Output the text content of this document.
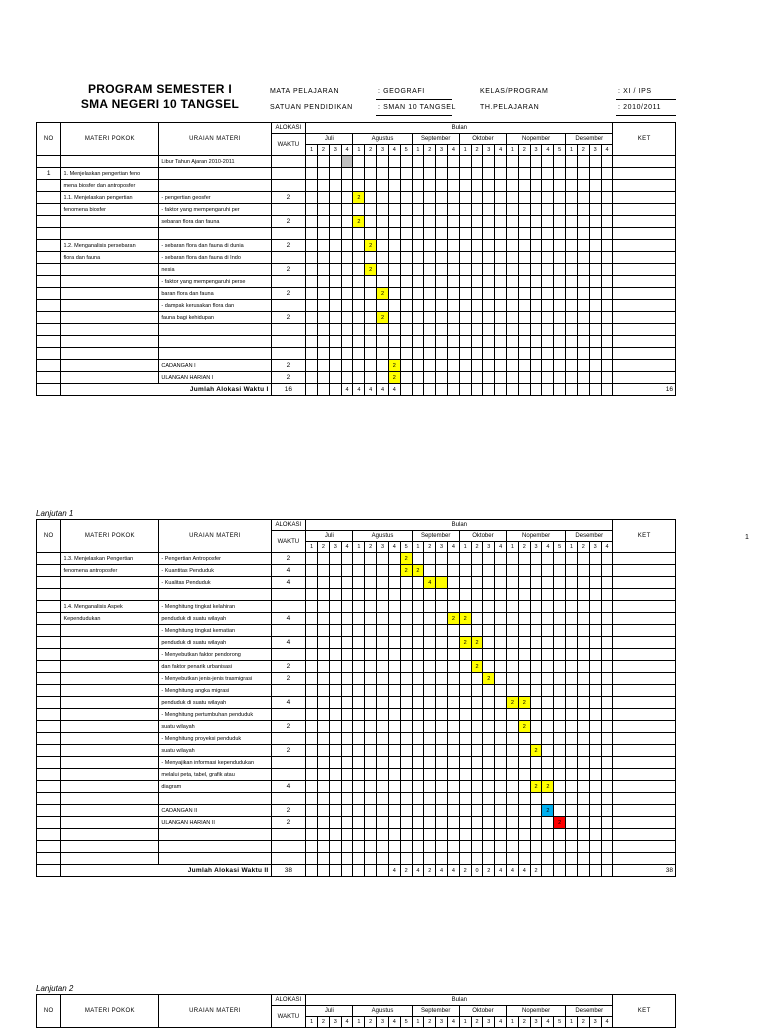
PROGRAM SEMESTER I
SMA NEGERI 10 TANGSEL
MATA PELAJARAN	: GEOGRAFI	KELAS/PROGRAM	: XI / IPS
SATUAN PENDIDIKAN	: SMAN 10 TANGSEL	TH.PELAJARAN	: 2010/2011
NO	MATERI POKOK	URAIAN MATERI	ALOKASI	Bulan																										KET
			WAKTU	Juli				Agustus					September				Oktober				Nopember					Desember				
				1	2	3	4	1	2	3	4	5	1	2	3	4	1	2	3	4	1	2	3	4	5	1	2	3	4	
		Libur Tahun Ajaran 2010-2011																												
1	1. Menjelaskan pengertian feno																													
	mena biosfer dan antroposfer																													
	1.1. Menjelaskan pengertian	- pengertian geosfer	2					2																						
	fenomena biosfer	- faktor yang mempengaruhi per																												
		sebaran flora dan fauna	2					2																						

	1.2. Menganalisis persebaran	- sebaran flora dan fauna di dunia	2						2																					
	flora dan fauna	- sebaran flora dan fauna di Indo																												
		nesia	2						2																					
		- faktor yang mempengaruhi perse																												
		baran flora dan fauna	2							2																				
		- dampak kerusakan flora dan																												
		fauna bagi kehidupan	2							2																				

		CADANGAN I	2								2																			
		ULANGAN HARIAN I	2								2																			
	Jumlah Alokasi Waktu I		16				4	4	4	4	4																			16
Lanjutan 1
1
NO	MATERI POKOK	URAIAN MATERI	ALOKASI	Bulan																										KET
			WAKTU	Juli				Agustus					September				Oktober				Nopember					Desember				
				1	2	3	4	1	2	3	4	5	1	2	3	4	1	2	3	4	1	2	3	4	5	1	2	3	4	
	1.3. Menjelaskan Pengertian	- Pengertian Antroposfer	2									2																		
	fenomena antroposfer	- Kuantitas Penduduk	4									2	2																	
		- Kualitas Penduduk	4											4																

	1.4. Menganalisis Aspek	- Menghitung tingkat kelahiran																												
	Kependudukan	penduduk di suatu wilayah	4													2	2													
		- Menghitung tingkat kematian																												
		penduduk di suatu wilayah	4														2	2												
		- Menyebutkan faktor pendorong																												
		dan faktor penarik urbanisasi	2															2												
		- Menyebutkan jenis-jenis trasmigrasi	2																2											
		- Menghitung angka migrasi																												
		penduduk di suatu wilayah	4																		2	2								
		- Menghitung pertumbuhan penduduk																												
		suatu wilayah	2																			2								
		- Menghitung proyeksi penduduk																												
		suatu wilayah	2																				2							
		- Menyajikan informasi kependudukan																												
		melalui peta, tabel, grafik atau																												
		diagram	4																				2	2						

		CADANGAN II	2																					2						
		ULANGAN HARIAN II	2																						2					

	Jumlah Alokasi Waktu II		38								4	2	4	2	4	4	2	0	2	4	4	4	2							38
Lanjutan 2
NO	MATERI POKOK	URAIAN MATERI	ALOKASI	Bulan																										KET
			WAKTU	Juli				Agustus					September				Oktober				Nopember					Desember				
				1	2	3	4	1	2	3	4	5	1	2	3	4	1	2	3	4	1	2	3	4	5	1	2	3	4	
